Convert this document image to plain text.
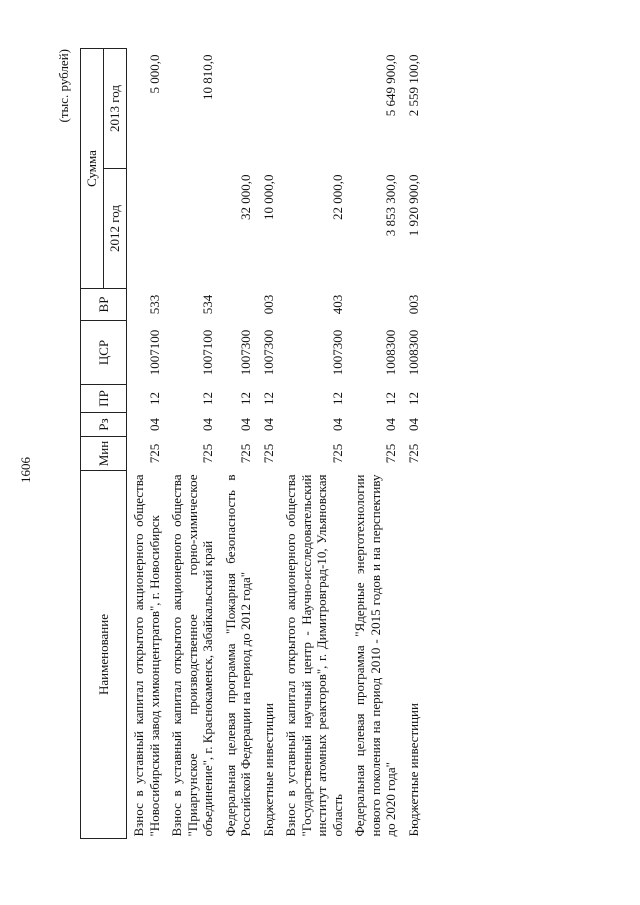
1606
(тыс. рублей)
Наименование	Мин	Рз	ПР	ЦСР	ВР	Сумма	
						2012 год	2013 год
Взнос в уставный капитал открытого акционерного общества "Новосибирский завод химконцентратов", г. Новосибирск	725	04	12	1007100	533		5 000,0
Взнос в уставный капитал открытого акционерного общества "Приаргунское производственное горно-химическое объединение", г. Краснокаменск, Забайкальский край	725	04	12	1007100	534		10 810,0
Федеральная целевая программа "Пожарная безопасность в Российской Федерации на период до 2012 года"	725	04	12	1007300		32 000,0	
Бюджетные инвестиции	725	04	12	1007300	003	10 000,0	
Взнос в уставный капитал открытого акционерного общества "Государственный научный центр - Научно-исследовательский институт атомных реакторов", г. Димитровград-10, Ульяновская область	725	04	12	1007300	403	22 000,0	
Федеральная целевая программа "Ядерные энерготехнологии нового поколения на период 2010 - 2015 годов и на перспективу до 2020 года"	725	04	12	1008300		3 853 300,0	5 649 900,0
Бюджетные инвестиции	725	04	12	1008300	003	1 920 900,0	2 559 100,0
